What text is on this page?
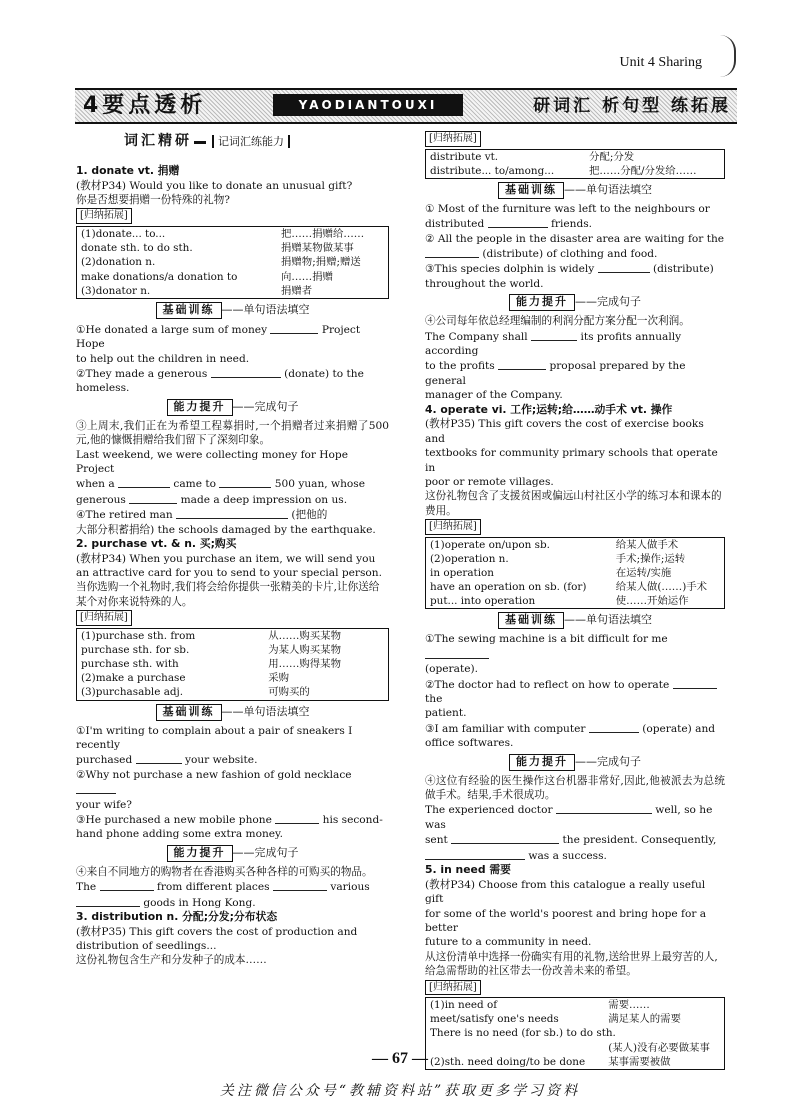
Unit 4 Sharing
4要点透析	YAODIANTOUXI	研词汇 析句型 练拓展
词汇精研 记词汇练能力

1. donate vt. 捐赠

(教材P34) Would you like to donate an unusual gift?

你是否想要捐赠一份特殊的礼物?

[归纳拓展]
(1)donate... to...	把……捐赠给……
donate sth. to do sth.	捐赠某物做某事
(2)donation n.	捐赠物;捐赠;赠送
make donations/a donation to	向……捐赠
(3)donator n.	捐赠者
基础训练 ——单句语法填空

①He donated a large sum of money	Project Hope

to help out the children in need.

②They made a generous	(donate) to the

homeless.

能力提升 ——完成句子

③上周末,我们正在为希望工程募捐时,一个捐赠者过来捐赠了500元,他的慷慨捐赠给我们留下了深刻印象。

Last weekend, we were collecting money for Hope Project

when a	came to	500 yuan, whose

generous	made a deep impression on us.

④The retired man	(把他的

大部分积蓄捐给) the schools damaged by the earthquake.

2. purchase vt. & n. 买;购买

(教材P34) When you purchase an item, we will send you

an attractive card for you to send to your special person.

当你选购一个礼物时,我们将会给你提供一张精美的卡片,让你送给某个对你来说特殊的人。

[归纳拓展]
(1)purchase sth. from	从……购买某物
purchase sth. for sb.	为某人购买某物
purchase sth. with	用……购得某物
(2)make a purchase	采购
(3)purchasable adj.	可购买的
基础训练 ——单句语法填空

①I'm writing to complain about a pair of sneakers I recently

purchased	your website.

②Why not purchase a new fashion of gold necklace

your wife?

③He purchased a new mobile phone	his second-

hand phone adding some extra money.

能力提升 ——完成句子

④来自不同地方的购物者在香港购买各种各样的可购买的物品。

The	from different places	various

goods in Hong Kong.

3. distribution n. 分配;分发;分布状态

(教材P35) This gift covers the cost of production and

distribution of seedlings...

这份礼物包含生产和分发种子的成本……

[归纳拓展]
distribute vt.	分配;分发
distribute... to/among...	把……分配/分发给……
基础训练 ——单句语法填空

① Most of the furniture was left to the neighbours or

distributed	friends.

② All the people in the disaster area are waiting for the

(distribute) of clothing and food.

③This species dolphin is widely	(distribute)

throughout the world.

能力提升 ——完成句子

④公司每年依总经理编制的利润分配方案分配一次利润。

The Company shall	its profits annually according

to the profits	proposal prepared by the general

manager of the Company.

4. operate vi. 工作;运转;给……动手术 vt. 操作

(教材P35) This gift covers the cost of exercise books and

textbooks for community primary schools that operate in

poor or remote villages.

这份礼物包含了支援贫困或偏远山村社区小学的练习本和课本的费用。

[归纳拓展]
(1)operate on/upon sb.	给某人做手术
(2)operation n.	手术;操作;运转
in operation	在运转/实施
have an operation on sb. (for)	给某人做(……)手术
put... into operation	使……开始运作
基础训练 ——单句语法填空

①The sewing machine is a bit difficult for me

(operate).

②The doctor had to reflect on how to operate  the

patient.

③I am familiar with computer	(operate) and

office softwares.

能力提升 ——完成句子

④这位有经验的医生操作这台机器非常好,因此,他被派去为总统做手术。结果,手术很成功。

The experienced doctor	well, so he was

sent	the president. Consequently,

was a success.

5. in need 需要

(教材P34) Choose from this catalogue a really useful gift

for some of the world's poorest and bring hope for a better

future to a community in need.

从这份清单中选择一份确实有用的礼物,送给世界上最穷苦的人,给急需帮助的社区带去一份改善未来的希望。

[归纳拓展]
(1)in need of	需要……
meet/satisfy one's needs	满足某人的需要
There is no need (for sb.) to do sth.	
	(某人)没有必要做某事
(2)sth. need doing/to be done	某事需要被做
— 67 —
关注微信公众号“教辅资料站”获取更多学习资料
